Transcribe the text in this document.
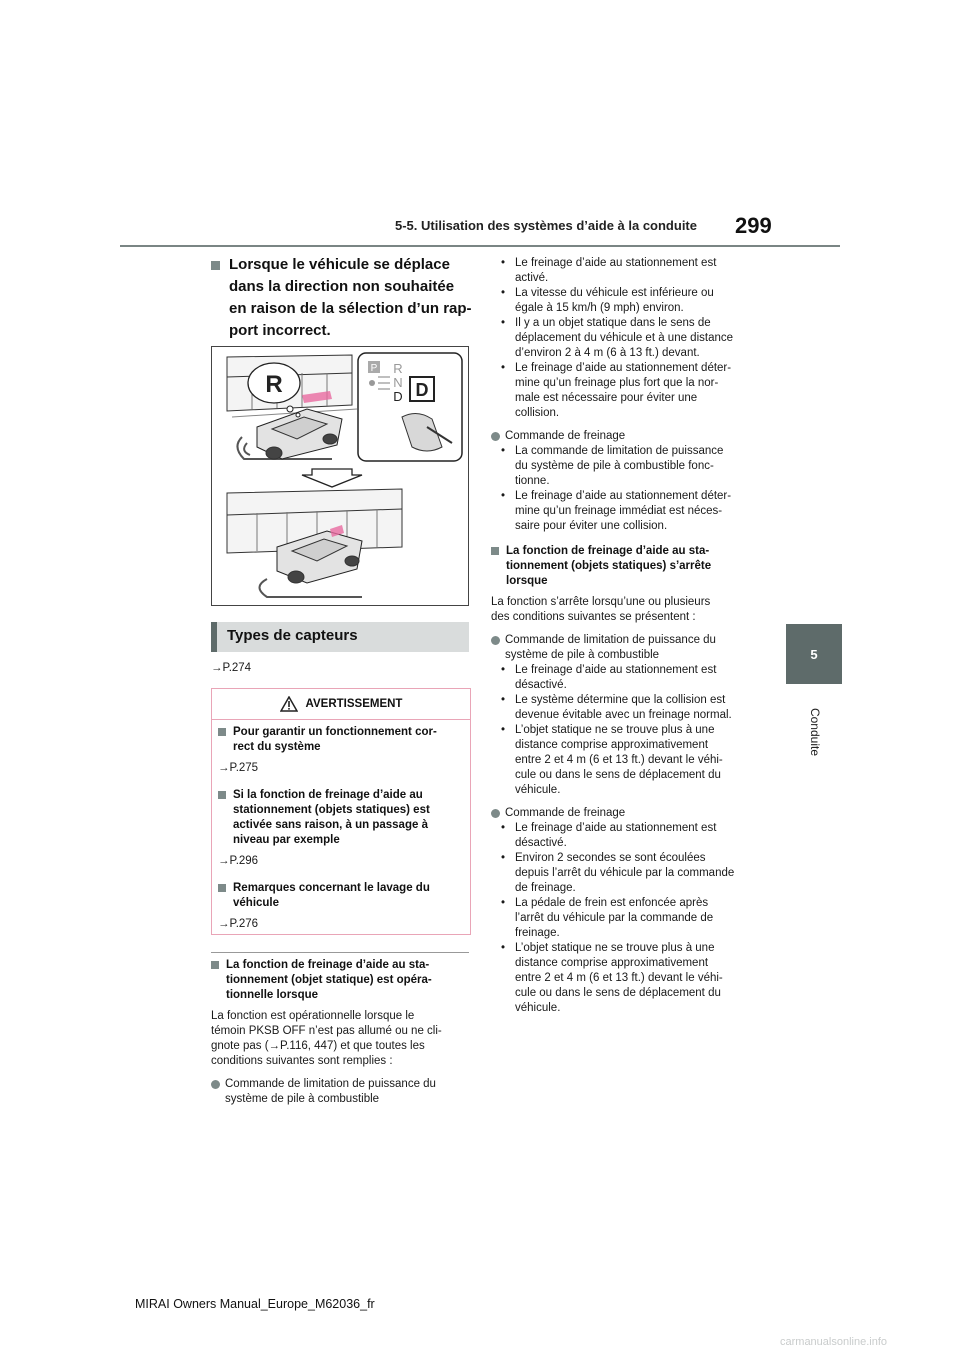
5-5. Utilisation des systèmes d’aide à la conduite 299
5
Conduite
Lorsque le véhicule se déplace
dans la direction non souhaitée
en raison de la sélection d’un rap-
port incorrect.
R
P R
N
D D
Types de capteurs
→P.274
AVERTISSEMENT
Pour garantir un fonctionnement cor-
rect du système
→P.275
Si la fonction de freinage d’aide au
stationnement (objets statiques) est
activée sans raison, à un passage à
niveau par exemple
→P.296
Remarques concernant le lavage du
véhicule
→P.276
La fonction de freinage d’aide au sta-
tionnement (objet statique) est opéra-
tionnelle lorsque
La fonction est opérationnelle lorsque le
témoin PKSB OFF n’est pas allumé ou ne cli-
gnote pas (→P.116, 447) et que toutes les
conditions suivantes sont remplies :
Commande de limitation de puissance du
système de pile à combustible
• Le freinage d’aide au stationnement est
activé.
• La vitesse du véhicule est inférieure ou
égale à 15 km/h (9 mph) environ.
• Il y a un objet statique dans le sens de
déplacement du véhicule et à une distance
d’environ 2 à 4 m (6 à 13 ft.) devant.
• Le freinage d’aide au stationnement déter-
mine qu’un freinage plus fort que la nor-
male est nécessaire pour éviter une
collision.
Commande de freinage
• La commande de limitation de puissance
du système de pile à combustible fonc-
tionne.
• Le freinage d’aide au stationnement déter-
mine qu’un freinage immédiat est néces-
saire pour éviter une collision.
La fonction de freinage d’aide au sta-
tionnement (objets statiques) s’arrête
lorsque
La fonction s’arrête lorsqu’une ou plusieurs
des conditions suivantes se présentent :
Commande de limitation de puissance du
système de pile à combustible
• Le freinage d’aide au stationnement est
désactivé.
• Le système détermine que la collision est
devenue évitable avec un freinage normal.
• L’objet statique ne se trouve plus à une
distance comprise approximativement
entre 2 et 4 m (6 et 13 ft.) devant le véhi-
cule ou dans le sens de déplacement du
véhicule.
Commande de freinage
• Le freinage d’aide au stationnement est
désactivé.
• Environ 2 secondes se sont écoulées
depuis l’arrêt du véhicule par la commande
de freinage.
• La pédale de frein est enfoncée après
l’arrêt du véhicule par la commande de
freinage.
• L’objet statique ne se trouve plus à une
distance comprise approximativement
entre 2 et 4 m (6 et 13 ft.) devant le véhi-
cule ou dans le sens de déplacement du
véhicule.
MIRAI Owners Manual_Europe_M62036_fr
carmanualsonline.info
